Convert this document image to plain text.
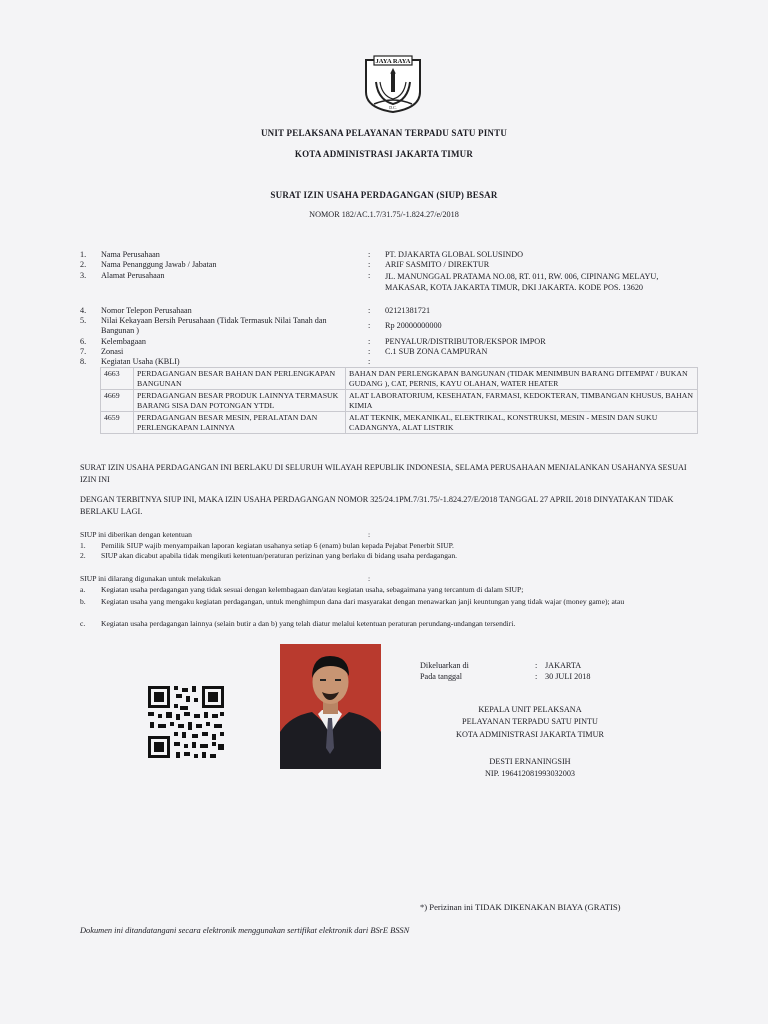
JAYA RAYA
D.C.
UNIT PELAKSANA PELAYANAN TERPADU SATU PINTU
KOTA ADMINISTRASI JAKARTA TIMUR
SURAT IZIN USAHA PERDAGANGAN (SIUP) BESAR
NOMOR 182/AC.1.7/31.75/-1.824.27/e/2018
1. Nama Perusahaan	: PT. DJAKARTA GLOBAL SOLUSINDO
2. Nama Penanggung Jawab / Jabatan	: ARIF SASMITO / DIREKTUR
3. Alamat Perusahaan	: JL. MANUNGGAL PRATAMA NO.08, RT. 011, RW. 006, CIPINANG MELAYU, MAKASAR, KOTA JAKARTA TIMUR, DKI JAKARTA. KODE POS. 13620
4. Nomor Telepon Perusahaan	: 02121381721
5. Nilai Kekayaan Bersih Perusahaan (Tidak Termasuk Nilai Tanah dan Bangunan )
: Rp 20000000000
6. Kelembagaan	: PENYALUR/DISTRIBUTOR/EKSPOR IMPOR
7. Zonasi	: C.1 SUB ZONA CAMPURAN
8. Kegiatan Usaha (KBLI)	:
4663	PERDAGANGAN BESAR BAHAN DAN PERLENGKAPAN BANGUNAN	BAHAN DAN PERLENGKAPAN BANGUNAN (TIDAK MENIMBUN BARANG DITEMPAT / BUKAN GUDANG ), CAT, PERNIS, KAYU OLAHAN, WATER HEATER
4669	PERDAGANGAN BESAR PRODUK LAINNYA TERMASUK BARANG SISA DAN POTONGAN YTDL	ALAT LABORATORIUM, KESEHATAN, FARMASI, KEDOKTERAN, TIMBANGAN KHUSUS, BAHAN KIMIA
4659	PERDAGANGAN BESAR MESIN, PERALATAN DAN PERLENGKAPAN LAINNYA	ALAT TEKNIK, MEKANIKAL, ELEKTRIKAL, KONSTRUKSI, MESIN - MESIN DAN SUKU CADANGNYA, ALAT LISTRIK
SURAT IZIN USAHA PERDAGANGAN INI BERLAKU DI SELURUH WILAYAH REPUBLIK INDONESIA, SELAMA PERUSAHAAN MENJALANKAN USAHANYA SESUAI IZIN INI
DENGAN TERBITNYA SIUP INI, MAKA IZIN USAHA PERDAGANGAN NOMOR 325/24.1PM.7/31.75/-1.824.27/E/2018 TANGGAL 27 APRIL 2018 DINYATAKAN TIDAK BERLAKU LAGI.
SIUP ini diberikan dengan ketentuan	:
1. Pemilik SIUP wajib menyampaikan laporan kegiatan usahanya setiap 6 (enam) bulan kepada Pejabat Penerbit SIUP.
2. SIUP akan dicabut apabila tidak mengikuti ketentuan/peraturan perizinan yang berlaku di bidang usaha perdagangan.
SIUP ini dilarang digunakan untuk melakukan	:
a. Kegiatan usaha perdagangan yang tidak sesuai dengan kelembagaan dan/atau kegiatan usaha, sebagaimana yang tercantum di dalam SIUP;
b. Kegiatan usaha yang mengaku kegiatan perdagangan, untuk menghimpun dana dari masyarakat dengan menawarkan janji keuntungan yang tidak wajar (money game); atau
c. Kegiatan usaha perdagangan lainnya (selain butir a dan b) yang telah diatur melalui ketentuan peraturan perundang-undangan tersendiri.
Dikeluarkan di	: JAKARTA
Pada tanggal	: 30 JULI 2018
KEPALA UNIT PELAKSANA
PELAYANAN TERPADU SATU PINTU
KOTA ADMINISTRASI JAKARTA TIMUR
DESTI ERNANINGSIH
NIP. 196412081993032003
*) Perizinan ini TIDAK DIKENAKAN BIAYA (GRATIS)
Dokumen ini ditandatangani secara elektronik menggunakan sertifikat elektronik dari BSrE BSSN
